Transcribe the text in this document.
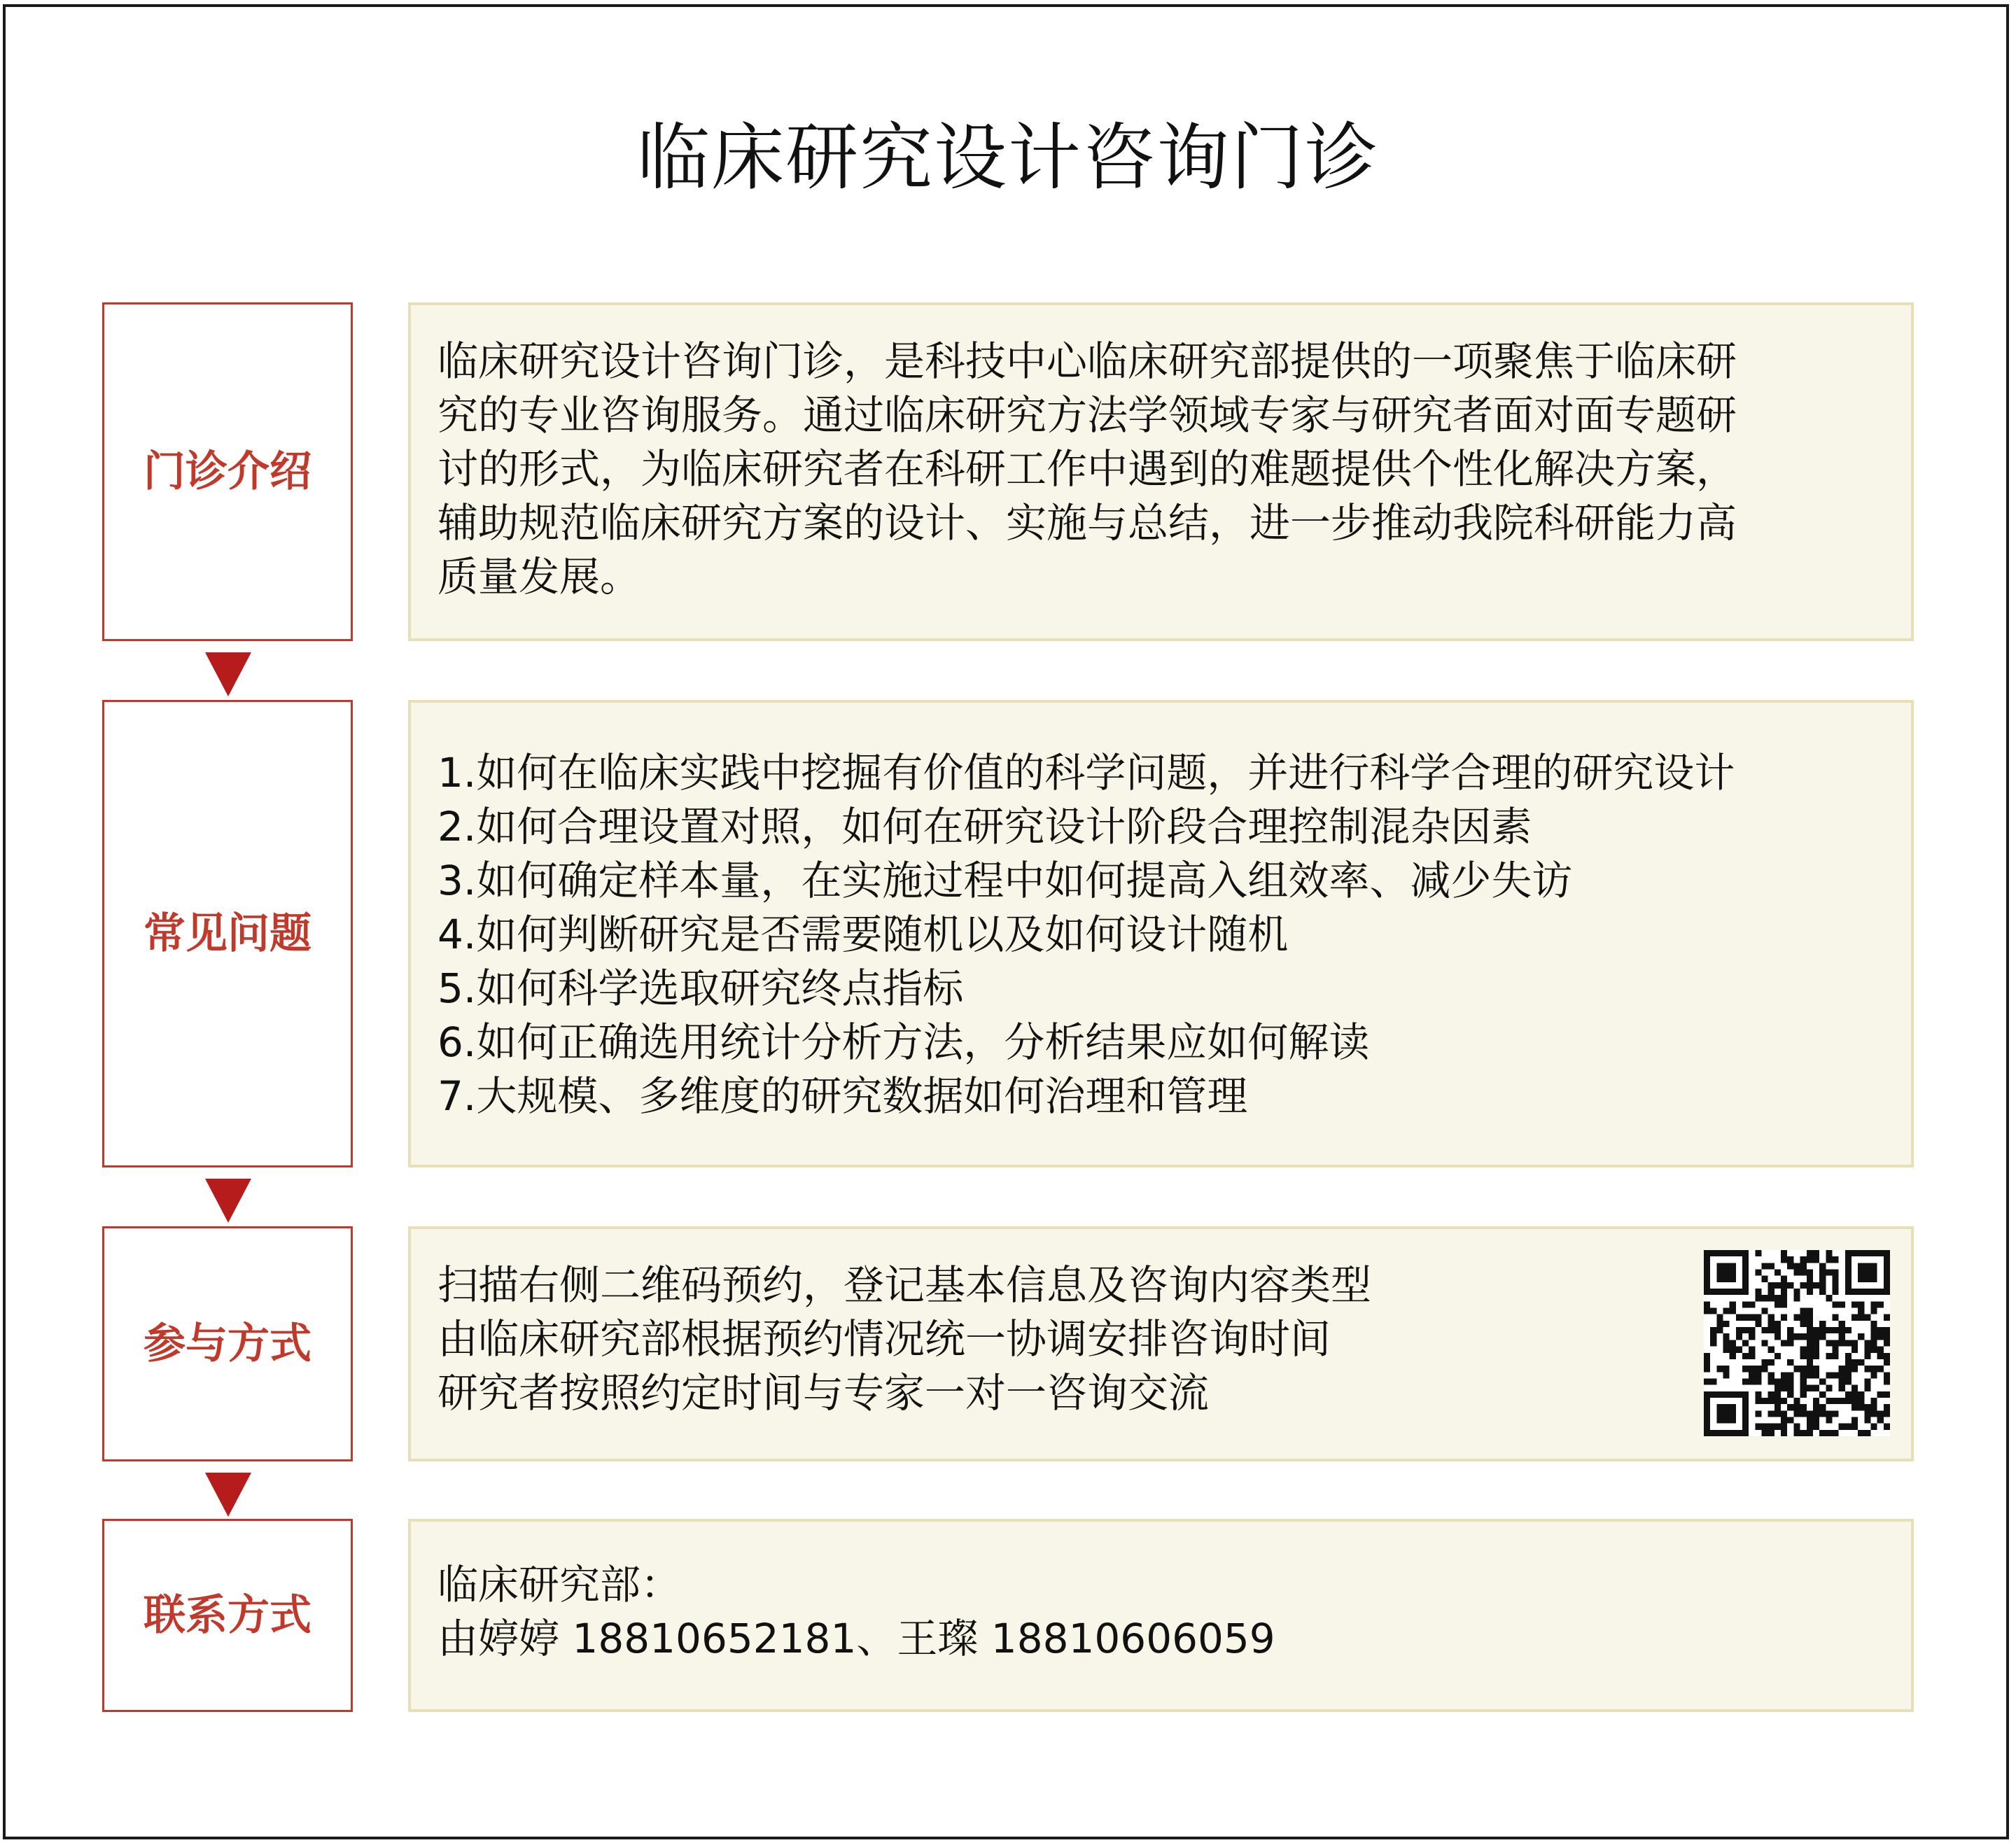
临床研究设计咨询门诊
门诊介绍
临床研究设计咨询门诊，是科技中心临床研究部提供的一项聚焦于临床研
究的专业咨询服务。通过临床研究方法学领域专家与研究者面对面专题研
讨的形式，为临床研究者在科研工作中遇到的难题提供个性化解决方案，
辅助规范临床研究方案的设计、实施与总结，进一步推动我院科研能力高
质量发展。
常见问题
1.如何在临床实践中挖掘有价值的科学问题，并进行科学合理的研究设计
2.如何合理设置对照，如何在研究设计阶段合理控制混杂因素
3.如何确定样本量，在实施过程中如何提高入组效率、减少失访
4.如何判断研究是否需要随机以及如何设计随机
5.如何科学选取研究终点指标
6.如何正确选用统计分析方法，分析结果应如何解读
7.大规模、多维度的研究数据如何治理和管理
参与方式
扫描右侧二维码预约，登记基本信息及咨询内容类型
由临床研究部根据预约情况统一协调安排咨询时间
研究者按照约定时间与专家一对一咨询交流
联系方式
临床研究部：
由婷婷 18810652181、王璨 18810606059
